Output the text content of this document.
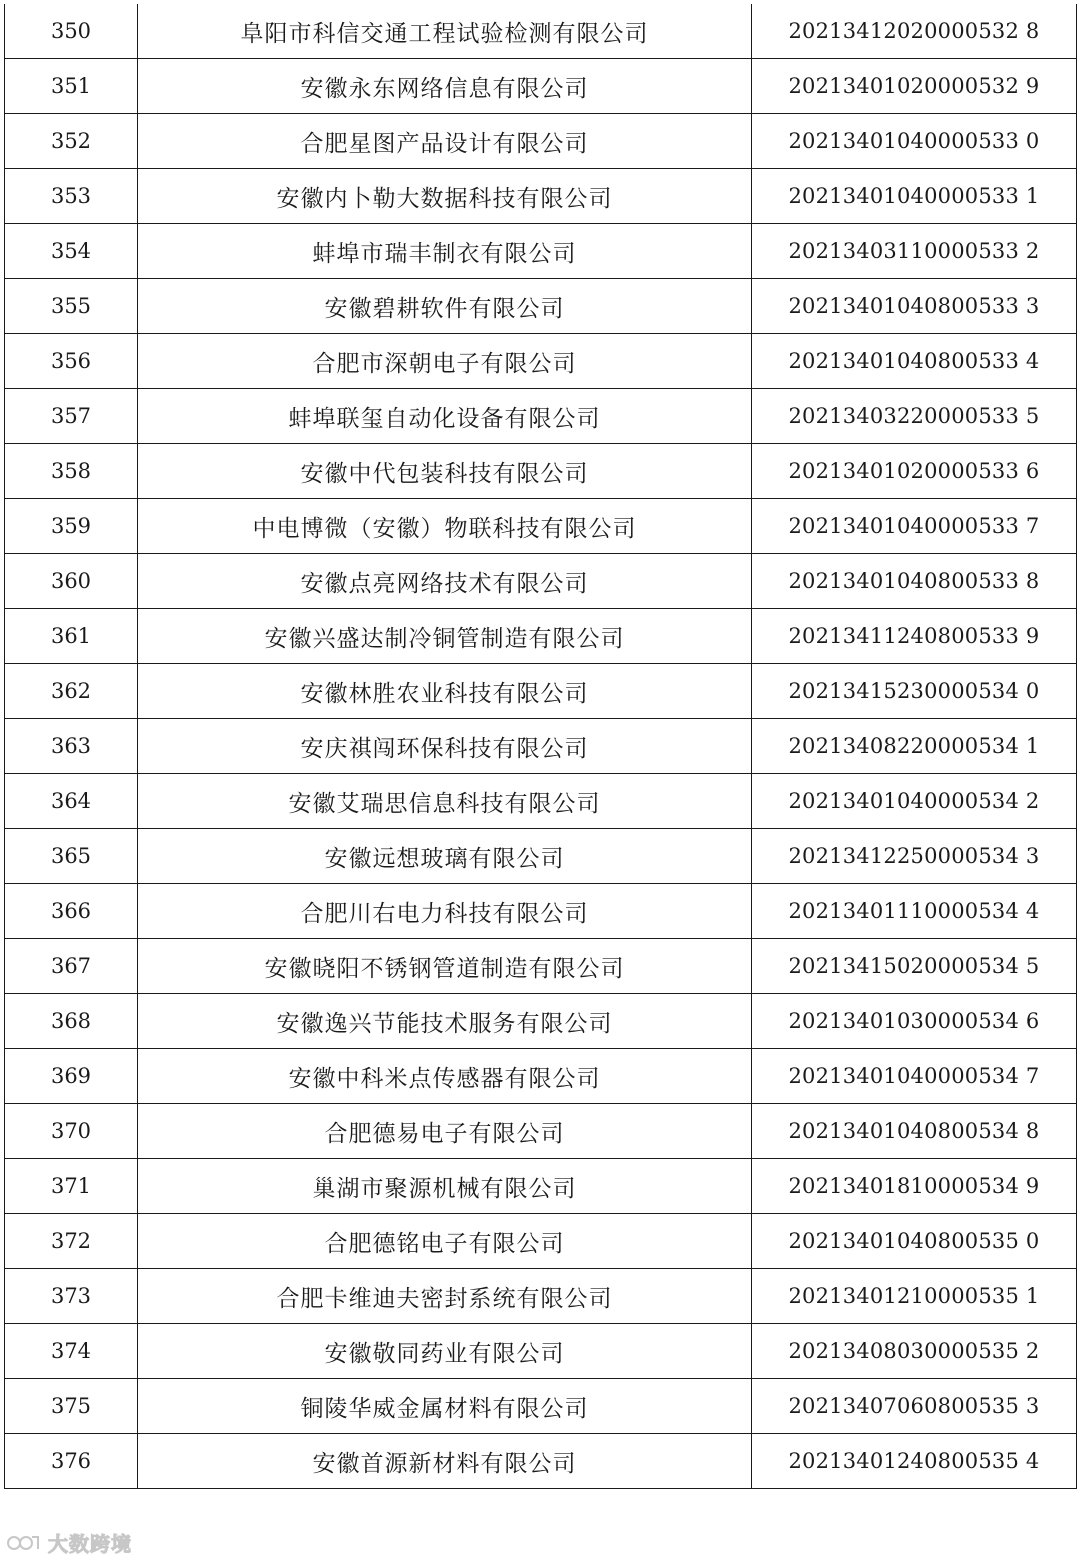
350	阜阳市科信交通工程试验检测有限公司	20213412020000532 8
351	安徽永东网络信息有限公司	20213401020000532 9
352	合肥星图产品设计有限公司	20213401040000533 0
353	安徽内卜勒大数据科技有限公司	20213401040000533 1
354	蚌埠市瑞丰制衣有限公司	20213403110000533 2
355	安徽碧耕软件有限公司	20213401040800533 3
356	合肥市深朝电子有限公司	20213401040800533 4
357	蚌埠联玺自动化设备有限公司	20213403220000533 5
358	安徽中代包装科技有限公司	20213401020000533 6
359	中电博微（安徽）物联科技有限公司	20213401040000533 7
360	安徽点亮网络技术有限公司	20213401040800533 8
361	安徽兴盛达制冷铜管制造有限公司	20213411240800533 9
362	安徽林胜农业科技有限公司	20213415230000534 0
363	安庆祺闯环保科技有限公司	20213408220000534 1
364	安徽艾瑞思信息科技有限公司	20213401040000534 2
365	安徽远想玻璃有限公司	20213412250000534 3
366	合肥川右电力科技有限公司	20213401110000534 4
367	安徽晓阳不锈钢管道制造有限公司	20213415020000534 5
368	安徽逸兴节能技术服务有限公司	20213401030000534 6
369	安徽中科米点传感器有限公司	20213401040000534 7
370	合肥德易电子有限公司	20213401040800534 8
371	巢湖市聚源机械有限公司	20213401810000534 9
372	合肥德铭电子有限公司	20213401040800535 0
373	合肥卡维迪夫密封系统有限公司	20213401210000535 1
374	安徽敬同药业有限公司	20213408030000535 2
375	铜陵华威金属材料有限公司	20213407060800535 3
376	安徽首源新材料有限公司	20213401240800535 4
大数跨境
